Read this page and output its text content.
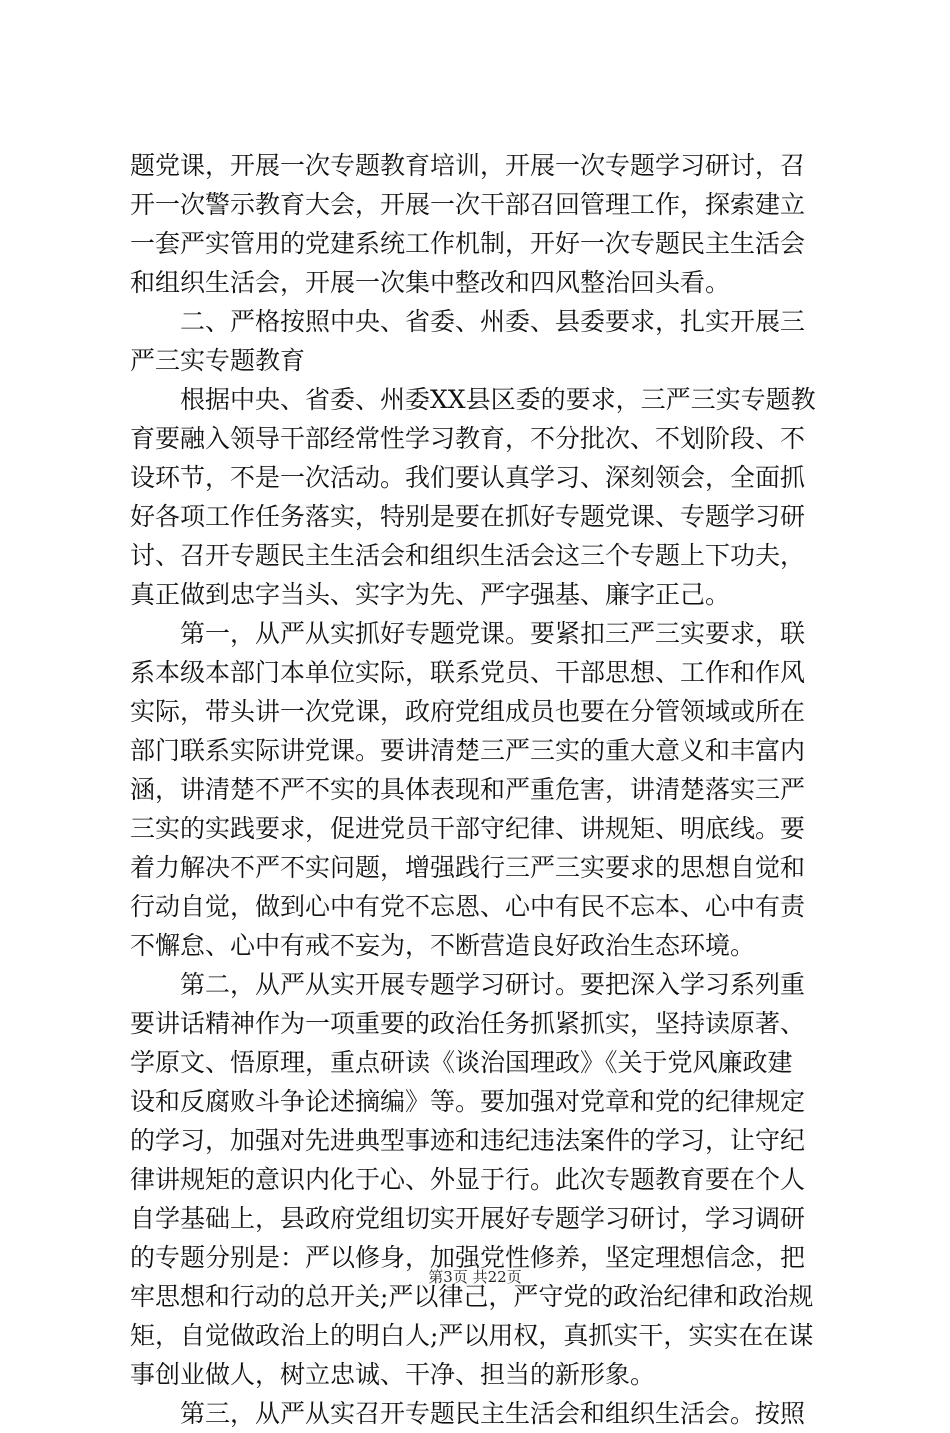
题党课，开展一次专题教育培训，开展一次专题学习研讨，召
开一次警示教育大会，开展一次干部召回管理工作，探索建立
一套严实管用的党建系统工作机制，开好一次专题民主生活会
和组织生活会，开展一次集中整改和四风整治回头看。
　　二、严格按照中央、省委、州委、县委要求，扎实开展三
严三实专题教育
　　根据中央、省委、州委XX县区委的要求，三严三实专题教
育要融入领导干部经常性学习教育，不分批次、不划阶段、不
设环节，不是一次活动。我们要认真学习、深刻领会，全面抓
好各项工作任务落实，特别是要在抓好专题党课、专题学习研
讨、召开专题民主生活会和组织生活会这三个专题上下功夫，
真正做到忠字当头、实字为先、严字强基、廉字正己。
　　第一，从严从实抓好专题党课。要紧扣三严三实要求，联
系本级本部门本单位实际，联系党员、干部思想、工作和作风
实际，带头讲一次党课，政府党组成员也要在分管领域或所在
部门联系实际讲党课。要讲清楚三严三实的重大意义和丰富内
涵，讲清楚不严不实的具体表现和严重危害，讲清楚落实三严
三实的实践要求，促进党员干部守纪律、讲规矩、明底线。要
着力解决不严不实问题，增强践行三严三实要求的思想自觉和
行动自觉，做到心中有党不忘恩、心中有民不忘本、心中有责
不懈怠、心中有戒不妄为，不断营造良好政治生态环境。
　　第二，从严从实开展专题学习研讨。要把深入学习系列重
要讲话精神作为一项重要的政治任务抓紧抓实，坚持读原著、
学原文、悟原理，重点研读《谈治国理政》《关于党风廉政建
设和反腐败斗争论述摘编》等。要加强对党章和党的纪律规定
的学习，加强对先进典型事迹和违纪违法案件的学习，让守纪
律讲规矩的意识内化于心、外显于行。此次专题教育要在个人
自学基础上，县政府党组切实开展好专题学习研讨，学习调研
的专题分别是：严以修身，加强党性修养，坚定理想信念，把
牢思想和行动的总开关;严以律己，严守党的政治纪律和政治规
矩，自觉做政治上的明白人;严以用权，真抓实干，实实在在谋
事创业做人，树立忠诚、干净、担当的新形象。
　　第三，从严从实召开专题民主生活会和组织生活会。按照
第3页 共22页
